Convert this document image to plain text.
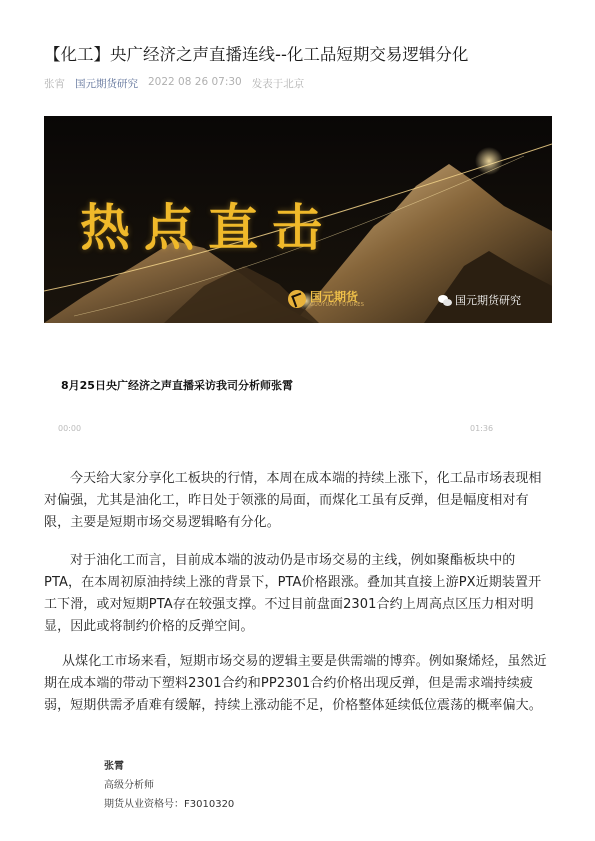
【化工】央广经济之声直播连线--化工品短期交易逻辑分化
张宵 国元期货研究 2022 08 26 07:30 发表于北京
热点直击
国元期货
GUOYUAN FUTURES	国元期货研究
8月25日央广经济之声直播采访我司分析师张霄
00:00	01:36

今天给大家分享化工板块的行情，本周在成本端的持续上涨下，化工品市场表现相对偏强，尤其是油化工，昨日处于领涨的局面，而煤化工虽有反弹，但是幅度相对有限，主要是短期市场交易逻辑略有分化。

对于油化工而言，目前成本端的波动仍是市场交易的主线，例如聚酯板块中的PTA，在本周初原油持续上涨的背景下，PTA价格跟涨。叠加其直接上游PX近期装置开工下滑，或对短期PTA存在较强支撑。不过目前盘面2301合约上周高点区压力相对明显，因此或将制约价格的反弹空间。

从煤化工市场来看，短期市场交易的逻辑主要是供需端的博弈。例如聚烯烃，虽然近期在成本端的带动下塑料2301合约和PP2301合约价格出现反弹，但是需求端持续疲弱，短期供需矛盾难有缓解，持续上涨动能不足，价格整体延续低位震荡的概率偏大。

张霄
高级分析师
期货从业资格号：F3010320
